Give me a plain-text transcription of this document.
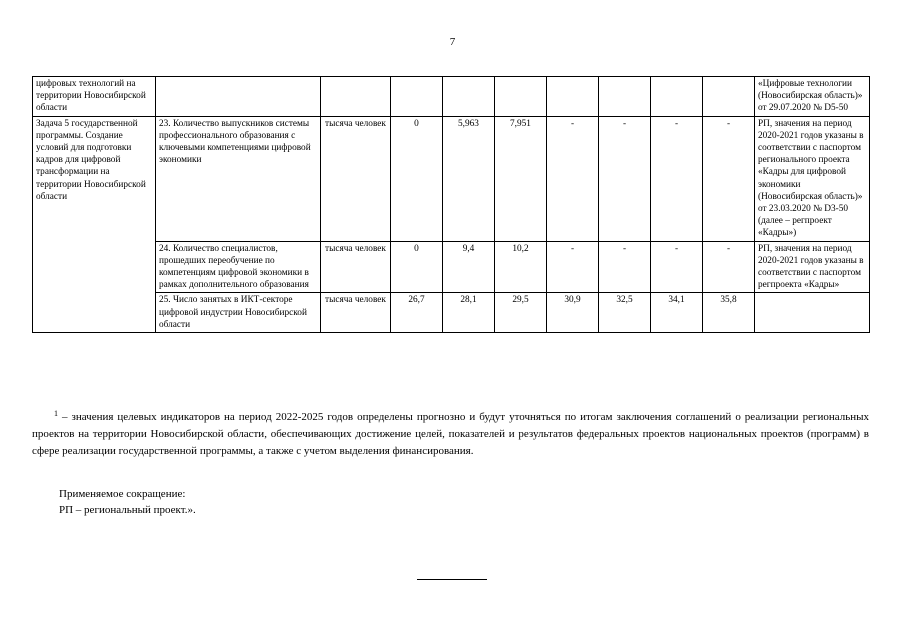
7
цифровых технологий на территории Новосибирской области										«Цифровые технологии (Новосибирская область)» от 29.07.2020 № D5-50
Задача 5 государственной программы. Создание условий для подготовки кадров для цифровой трансформации на территории Новосибирской области	23. Количество выпускников системы профессионального образования с ключевыми компетенциями цифровой экономики	тысяча человек	0	5,963	7,951	-	-	-	-	РП, значения на период 2020-2021 годов указаны в соответствии с паспортом регионального проекта «Кадры для цифровой экономики (Новосибирская область)» от 23.03.2020 № D3-50 (далее – регпроект «Кадры»)
	24. Количество специалистов, прошедших переобучение по компетенциям цифровой экономики в рамках дополнительного образования	тысяча человек	0	9,4	10,2	-	-	-	-	РП, значения на период 2020-2021 годов указаны в соответствии с паспортом регпроекта «Кадры»
	25. Число занятых в ИКТ-секторе цифровой индустрии Новосибирской области	тысяча человек	26,7	28,1	29,5	30,9	32,5	34,1	35,8	
$^1$ – значения целевых индикаторов на период 2022-2025 годов определены прогнозно и будут уточняться по итогам заключения соглашений о реализации региональных проектов на территории Новосибирской области, обеспечивающих достижение целей, показателей и результатов федеральных проектов национальных проектов (программ) в сфере реализации государственной программы, а также с учетом выделения финансирования.
Применяемое сокращение:
РП – региональный проект.».
